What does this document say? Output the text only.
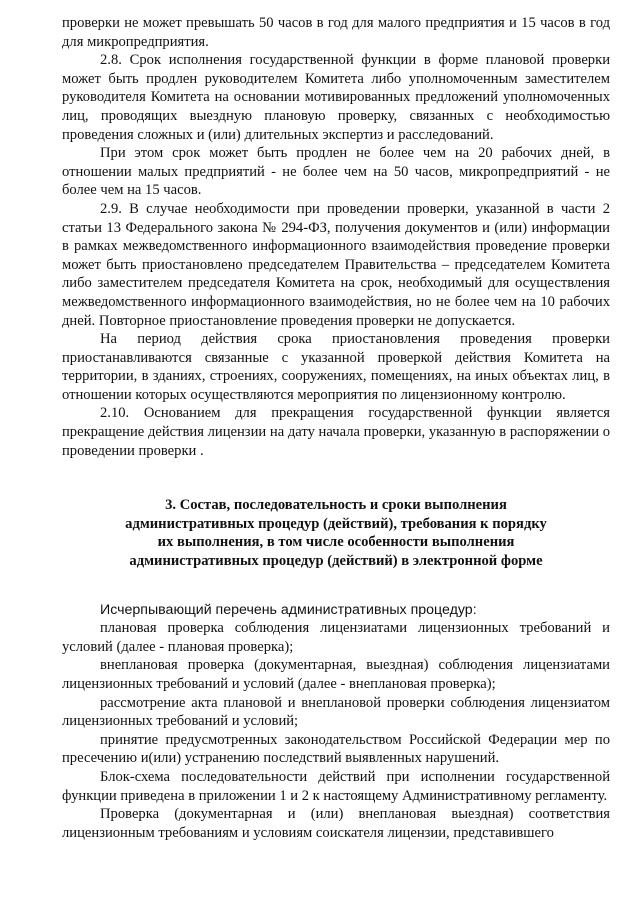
проверки не может превышать 50 часов в год для малого предприятия и 15 часов в год для микропредприятия.

2.8. Срок исполнения государственной функции в форме плановой проверки может быть продлен руководителем Комитета либо уполномоченным заместителем руководителя Комитета на основании мотивированных предложений уполномоченных лиц, проводящих выездную плановую проверку, связанных с необходимостью проведения сложных и (или) длительных экспертиз и расследований.

При этом срок может быть продлен не более чем на 20 рабочих дней, в отношении малых предприятий - не более чем на 50 часов, микропредприятий - не более чем на 15 часов.

2.9. В случае необходимости при проведении проверки, указанной в части 2 статьи 13 Федерального закона № 294-ФЗ, получения документов и (или) информации в рамках межведомственного информационного взаимодействия проведение проверки может быть приостановлено председателем Правительства – председателем Комитета либо заместителем председателя Комитета на срок, необходимый для осуществления межведомственного информационного взаимодействия, но не более чем на 10 рабочих дней. Повторное приостановление проведения проверки не допускается.

На период действия срока приостановления проведения проверки приостанавливаются связанные с указанной проверкой действия Комитета на территории, в зданиях, строениях, сооружениях, помещениях, на иных объектах лиц, в отношении которых осуществляются мероприятия по лицензионному контролю.

2.10. Основанием для прекращения государственной функции является прекращение действия лицензии на дату начала проверки, указанную в распоряжении о проведении проверки .

3. Состав, последовательность и сроки выполнения
административных процедур (действий), требования к порядку
их выполнения, в том числе особенности выполнения
административных процедур (действий) в электронной форме

Исчерпывающий перечень административных процедур:

плановая проверка соблюдения лицензиатами лицензионных требований и условий (далее - плановая проверка);

внеплановая проверка (документарная, выездная) соблюдения лицензиатами лицензионных требований и условий (далее - внеплановая проверка);

рассмотрение акта плановой и внеплановой проверки соблюдения лицензиатом лицензионных требований и условий;

принятие предусмотренных законодательством Российской Федерации мер по пресечению и(или) устранению последствий выявленных нарушений.

Блок-схема последовательности действий при исполнении государственной функции приведена в приложении 1 и 2 к настоящему Административному регламенту.

Проверка (документарная и (или) внеплановая выездная) соответствия лицензионным требованиям и условиям соискателя лицензии, представившего
